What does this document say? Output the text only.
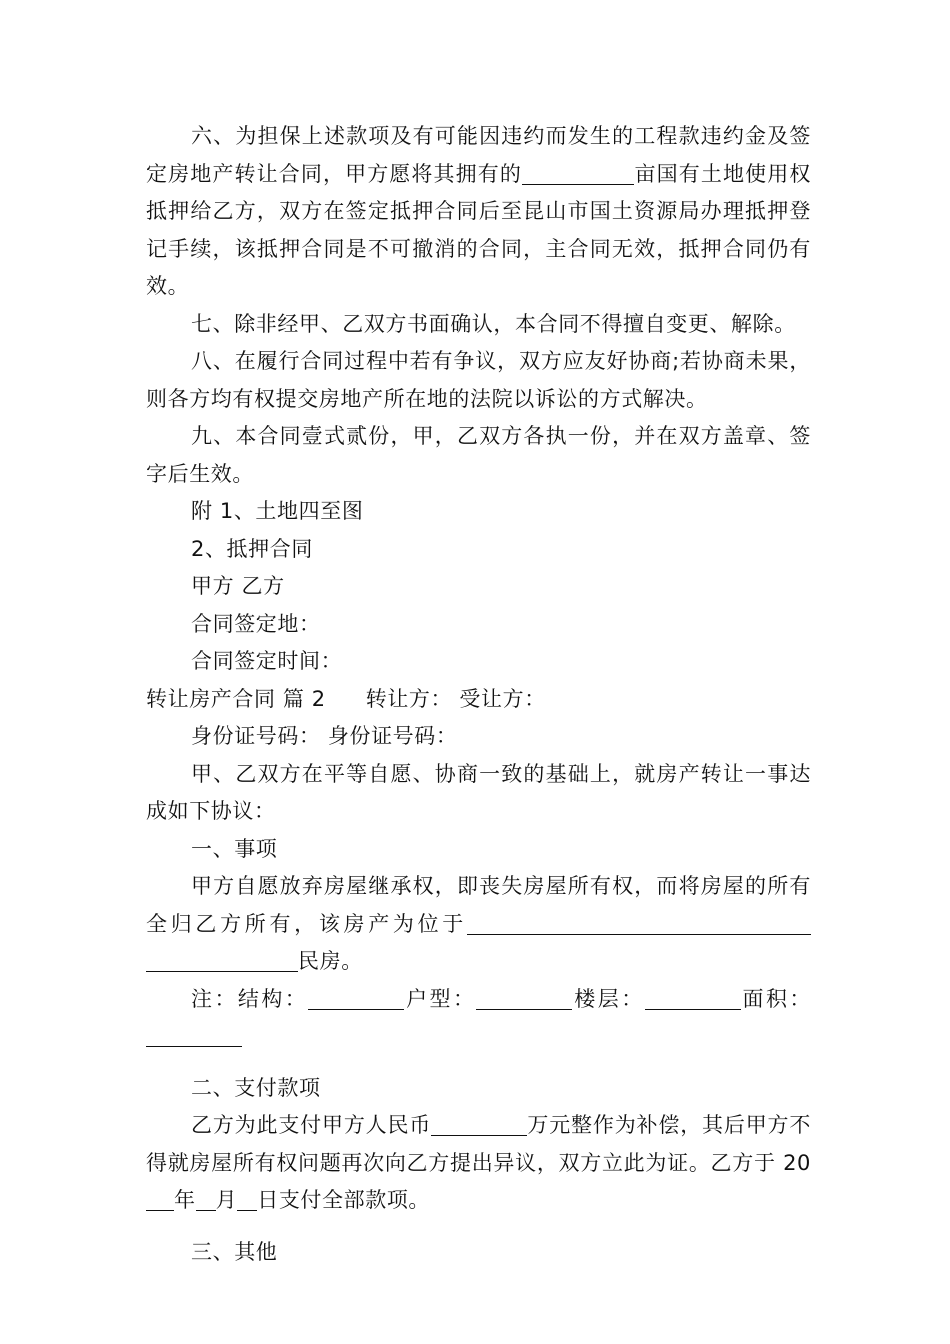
六、为担保上述款项及有可能因违约而发生的工程款违约金及签定房地产转让合同，甲方愿将其拥有的	亩国有土地使用权抵押给乙方，双方在签定抵押合同后至昆山市国土资源局办理抵押登记手续，该抵押合同是不可撤消的合同，主合同无效，抵押合同仍有效。

七、除非经甲、乙双方书面确认，本合同不得擅自变更、解除。

八、在履行合同过程中若有争议，双方应友好协商;若协商未果，则各方均有权提交房地产所在地的法院以诉讼的方式解决。

九、本合同壹式贰份，甲，乙双方各执一份，并在双方盖章、签字后生效。

附 1、土地四至图

2、抵押合同

甲方 乙方

合同签定地：

合同签定时间：

转让房产合同 篇 2 转让方： 受让方：

身份证号码： 身份证号码：

甲、乙双方在平等自愿、协商一致的基础上，就房产转让一事达成如下协议：

一、事项

甲方自愿放弃房屋继承权，即丧失房屋所有权，而将房屋的所有全归乙方所有，该房产为位于民房。

注：结构：	户型：	楼层：	面积：

二、支付款项

乙方为此支付甲方人民币	万元整作为补偿，其后甲方不得就房屋所有权问题再次向乙方提出异议，双方立此为证。乙方于 20年 月 日支付全部款项。

三、其他
